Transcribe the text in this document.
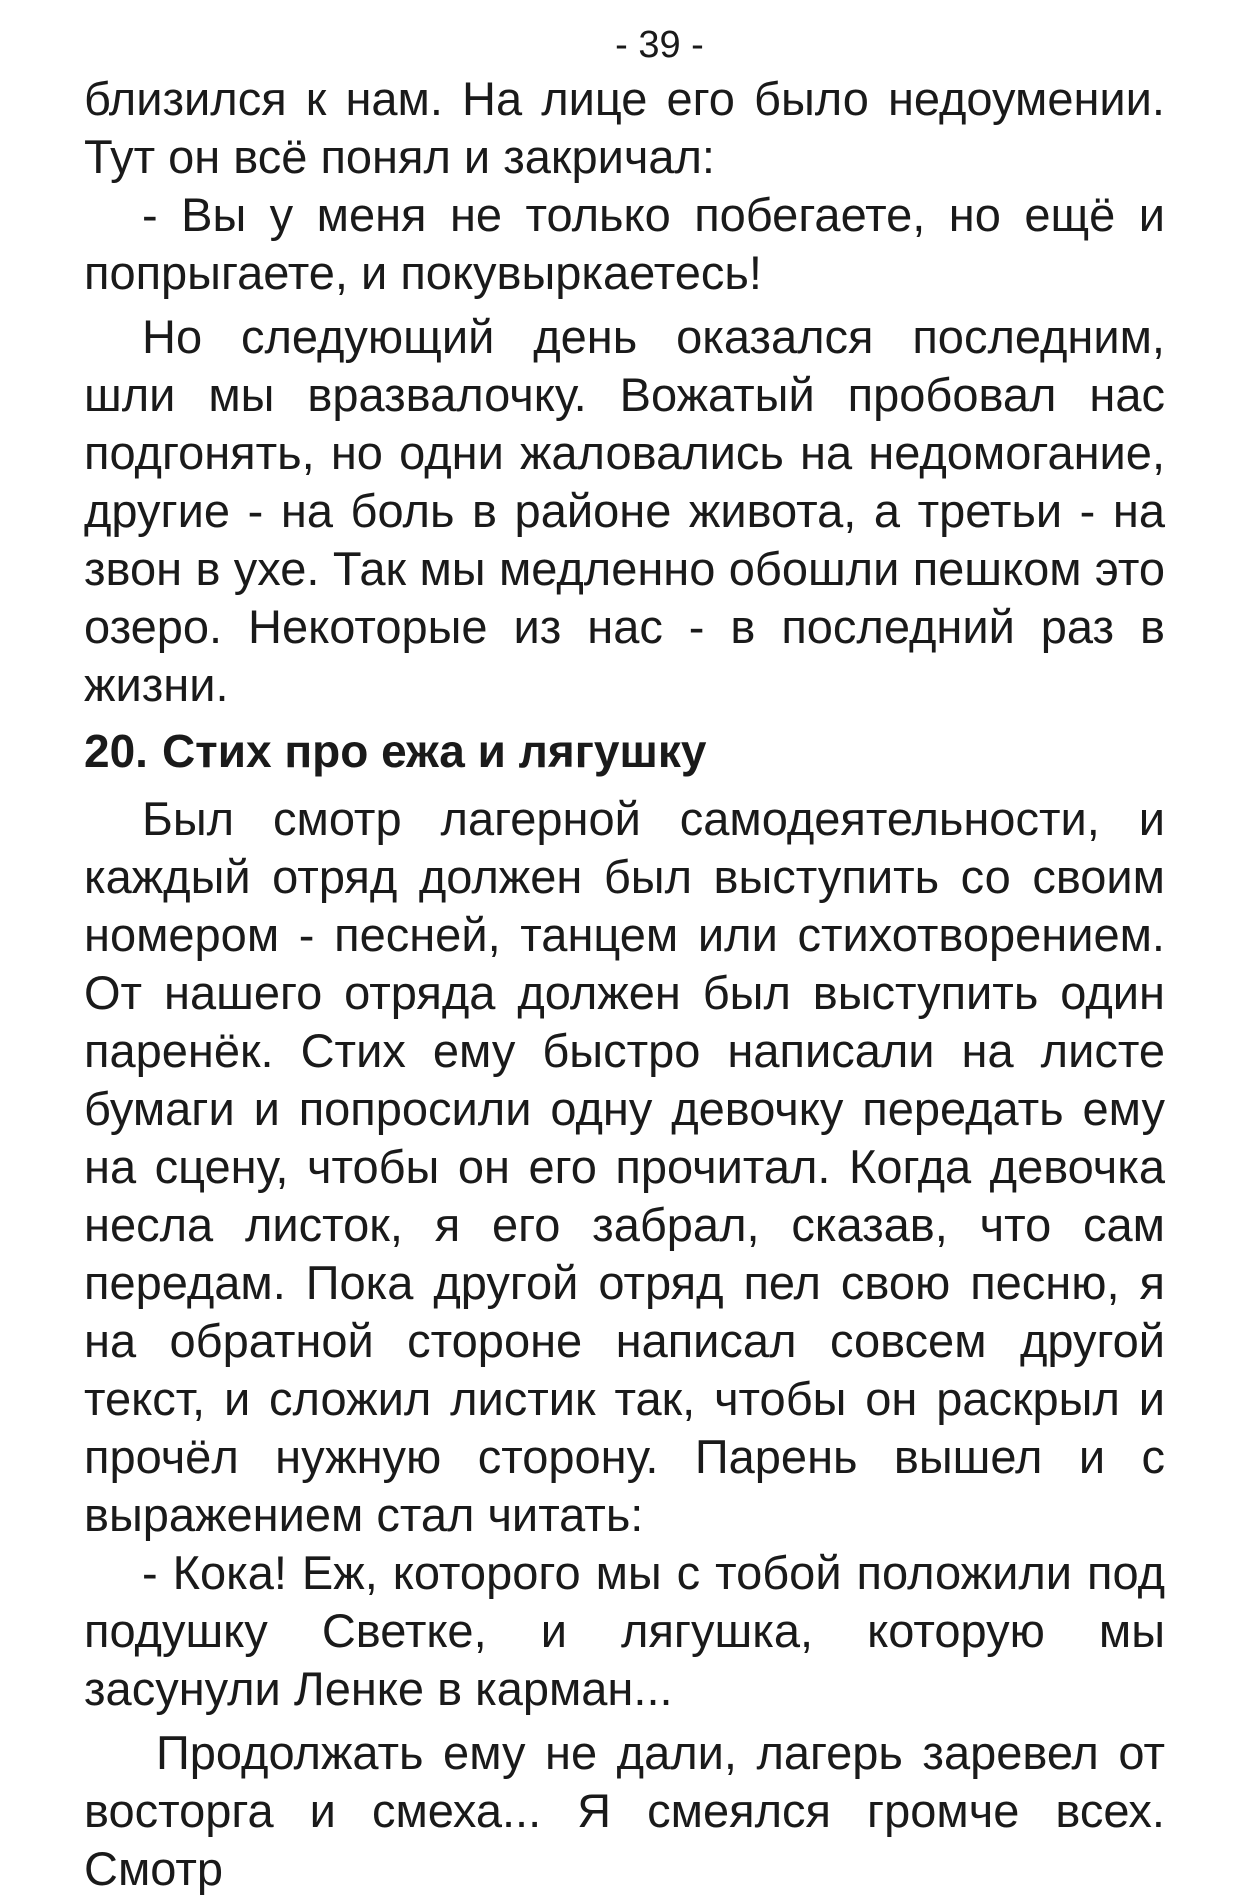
- 39 -

близился к нам. На лице его было недоумении. Тут он всё понял и закричал:

- Вы у меня не только побегаете, но ещё и попрыгаете, и покувыркаетесь!

Но следующий день оказался последним, шли мы вразвалочку. Вожатый пробовал нас подгонять, но одни жаловались на недомогание, другие - на боль в районе живота, а третьи - на звон в ухе. Так мы медленно обошли пешком это озеро. Некоторые из нас - в последний раз в жизни.

20. Стих про ежа и лягушку

Был смотр лагерной самодеятельности, и каждый отряд должен был выступить со своим номером - песней, танцем или стихотворением. От нашего отряда должен был выступить один паренёк. Стих ему быстро написали на листе бумаги и попросили одну девочку передать ему на сцену, чтобы он его прочитал. Когда девочка несла листок, я его забрал, сказав, что сам передам. Пока другой отряд пел свою песню, я на обратной стороне написал совсем другой текст, и сложил листик так, чтобы он раскрыл и прочёл нужную сторону. Парень вышел и с выражением стал читать:

- Кока! Еж, которого мы с тобой положили под подушку Светке, и лягушка, которую мы засунули Ленке в карман...

Продолжать ему не дали, лагерь заревел от восторга и смеха... Я смеялся громче всех. Смотр
